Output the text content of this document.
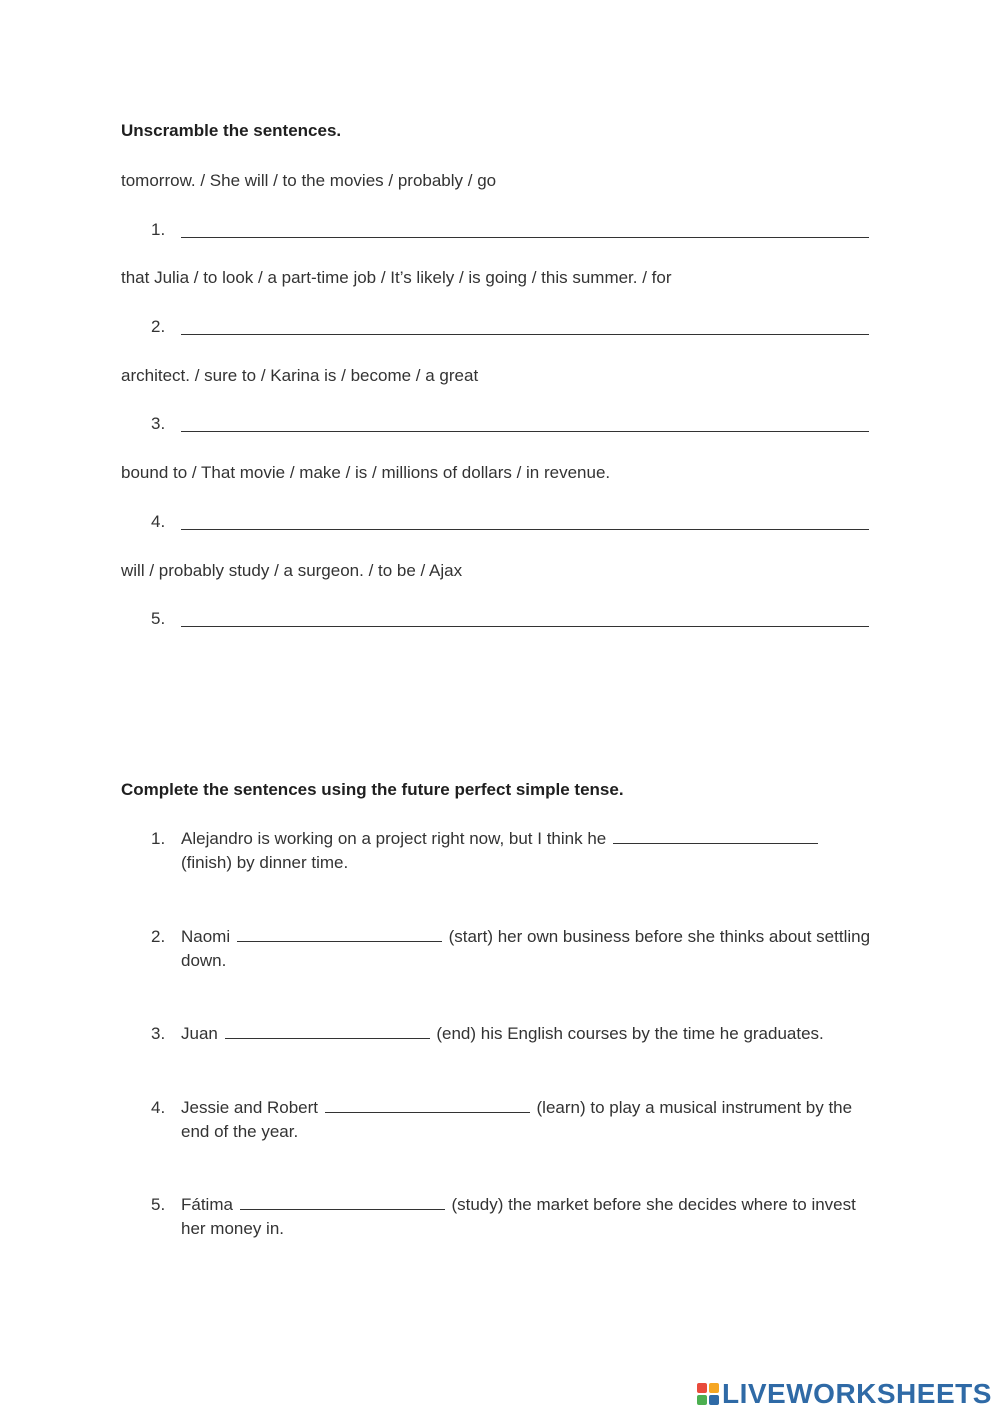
Unscramble the sentences.
tomorrow. / She will / to the movies / probably / go
1.
that Julia / to look / a part-time job / It’s likely / is going / this summer. / for
2.
architect. / sure to / Karina is / become / a great
3.
bound to / That movie / make / is / millions of dollars / in revenue.
4.
will / probably study / a surgeon. / to be / Ajax
5.
Complete the sentences using the future perfect simple tense.
1. Alejandro is working on a project right now, but I think he  (finish) by dinner time.
2. Naomi	(start) her own business before she thinks about settling down.
3. Juan	(end) his English courses by the time he graduates.
4. Jessie and Robert	(learn) to play a musical instrument by the end of the year.
5. Fátima	(study) the market before she decides where to invest her money in.
LIVEWORKSHEETS
